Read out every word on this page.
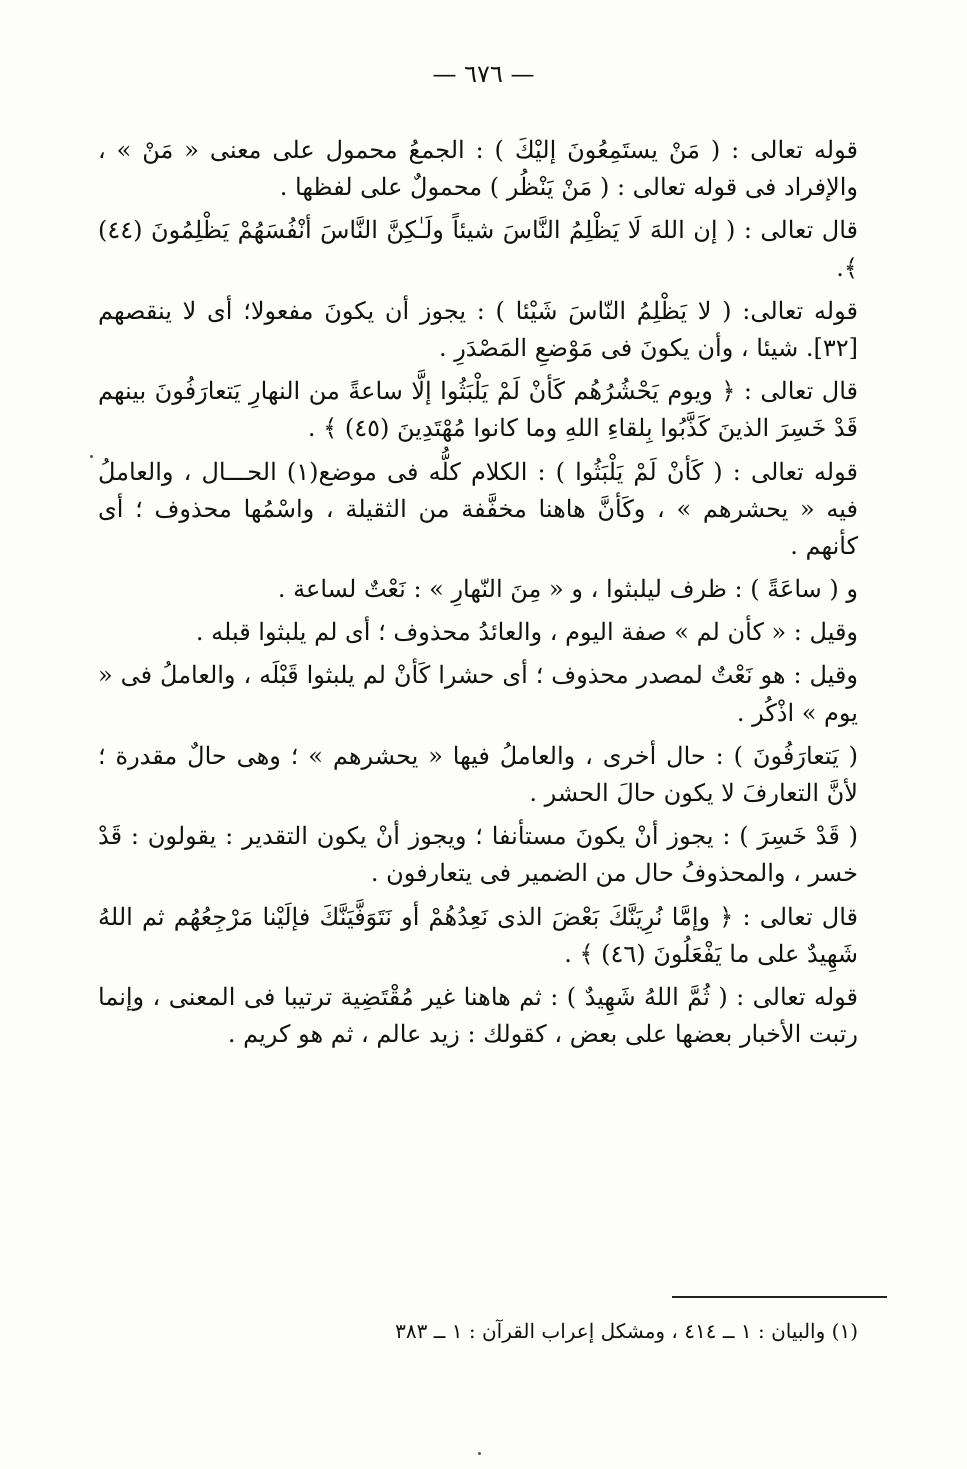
— ٦٧٦ —

قوله تعالى : ( مَنْ يستَمِعُونَ إليْكَ ) : الجمعُ محمول على معنى « مَنْ » ، والإفراد فى قوله تعالى : ( مَنْ يَنْظُر ) محمولٌ على لفظها .

قال تعالى : ( إن اللهَ لَا يَظْلِمُ النَّاسَ شيئاً ولَـٰكِنَّ النَّاسَ أنْفُسَهُمْ يَظْلِمُونَ (٤٤) ﴾.

قوله تعالى: ( لا يَظْلِمُ النّاسَ شَيْئا ) : يجوز أن يكونَ مفعولا؛ أى لا ينقصهم [٣٢]. شيئا ، وأن يكونَ فى مَوْضعِ المَصْدَرِ .

قال تعالى : ﴿ ويوم يَحْشُرُهُم كَأنْ لَمْ يَلْبَثُوا إلَّا ساعةً من النهارِ يَتعارَفُونَ بينهم قَدْ خَسِرَ الذينَ كَذَّبُوا بِلقاءِ اللهِ وما كانوا مُهْتَدِينَ (٤٥) ﴾ .

قوله تعالى : ( كَأنْ لَمْ يَلْبَثُوا ) : الكلام كلُّه فى موضع(١) الحـــال ، والعاملُ فيه « يحشرهم » ، وكَأنَّ هاهنا مخفَّفة من الثقيلة ، واسْمُها محذوف ؛ أى كأنهم .

و ( ساعَةً ) : ظرف ليلبثوا ، و « مِنَ النّهارِ » : نَعْتٌ لساعة .

وقيل : « كأن لم » صفة اليوم ، والعائدُ محذوف ؛ أى لم يلبثوا قبله .

وقيل : هو نَعْتٌ لمصدر محذوف ؛ أى حشرا كَأنْ لم يلبثوا قَبْلَه ، والعاملُ فى « يوم » اذْكُر .

( يَتعارَفُونَ ) : حال أخرى ، والعاملُ فيها « يحشرهم » ؛ وهى حالٌ مقدرة ؛ لأنَّ التعارفَ لا يكون حالَ الحشر .

( قَدْ خَسِرَ ) : يجوز أنْ يكونَ مستأنفا ؛ ويجوز أنْ يكون التقدير : يقولون : قَدْ خسر ، والمحذوفُ حال من الضمير فى يتعارفون .

قال تعالى : ﴿ وإمَّا نُرِيَنَّكَ بَعْضَ الذى نَعِدُهُمْ أو نَتَوَفَّيَنَّكَ فإلَيْنا مَرْجِعُهُم ثم اللهُ شَهِيدٌ على ما يَفْعَلُونَ (٤٦) ﴾ .

قوله تعالى : ( ثُمَّ اللهُ شَهِيدٌ ) : ثم هاهنا غير مُقْتَضِية ترتيبا فى المعنى ، وإنما رتبت الأخبار بعضها على بعض ، كقولك : زيد عالم ، ثم هو كريم .

(١) والبيان : ١ ــ ٤١٤ ، ومشكل إعراب القرآن : ١ ــ ٣٨٣
